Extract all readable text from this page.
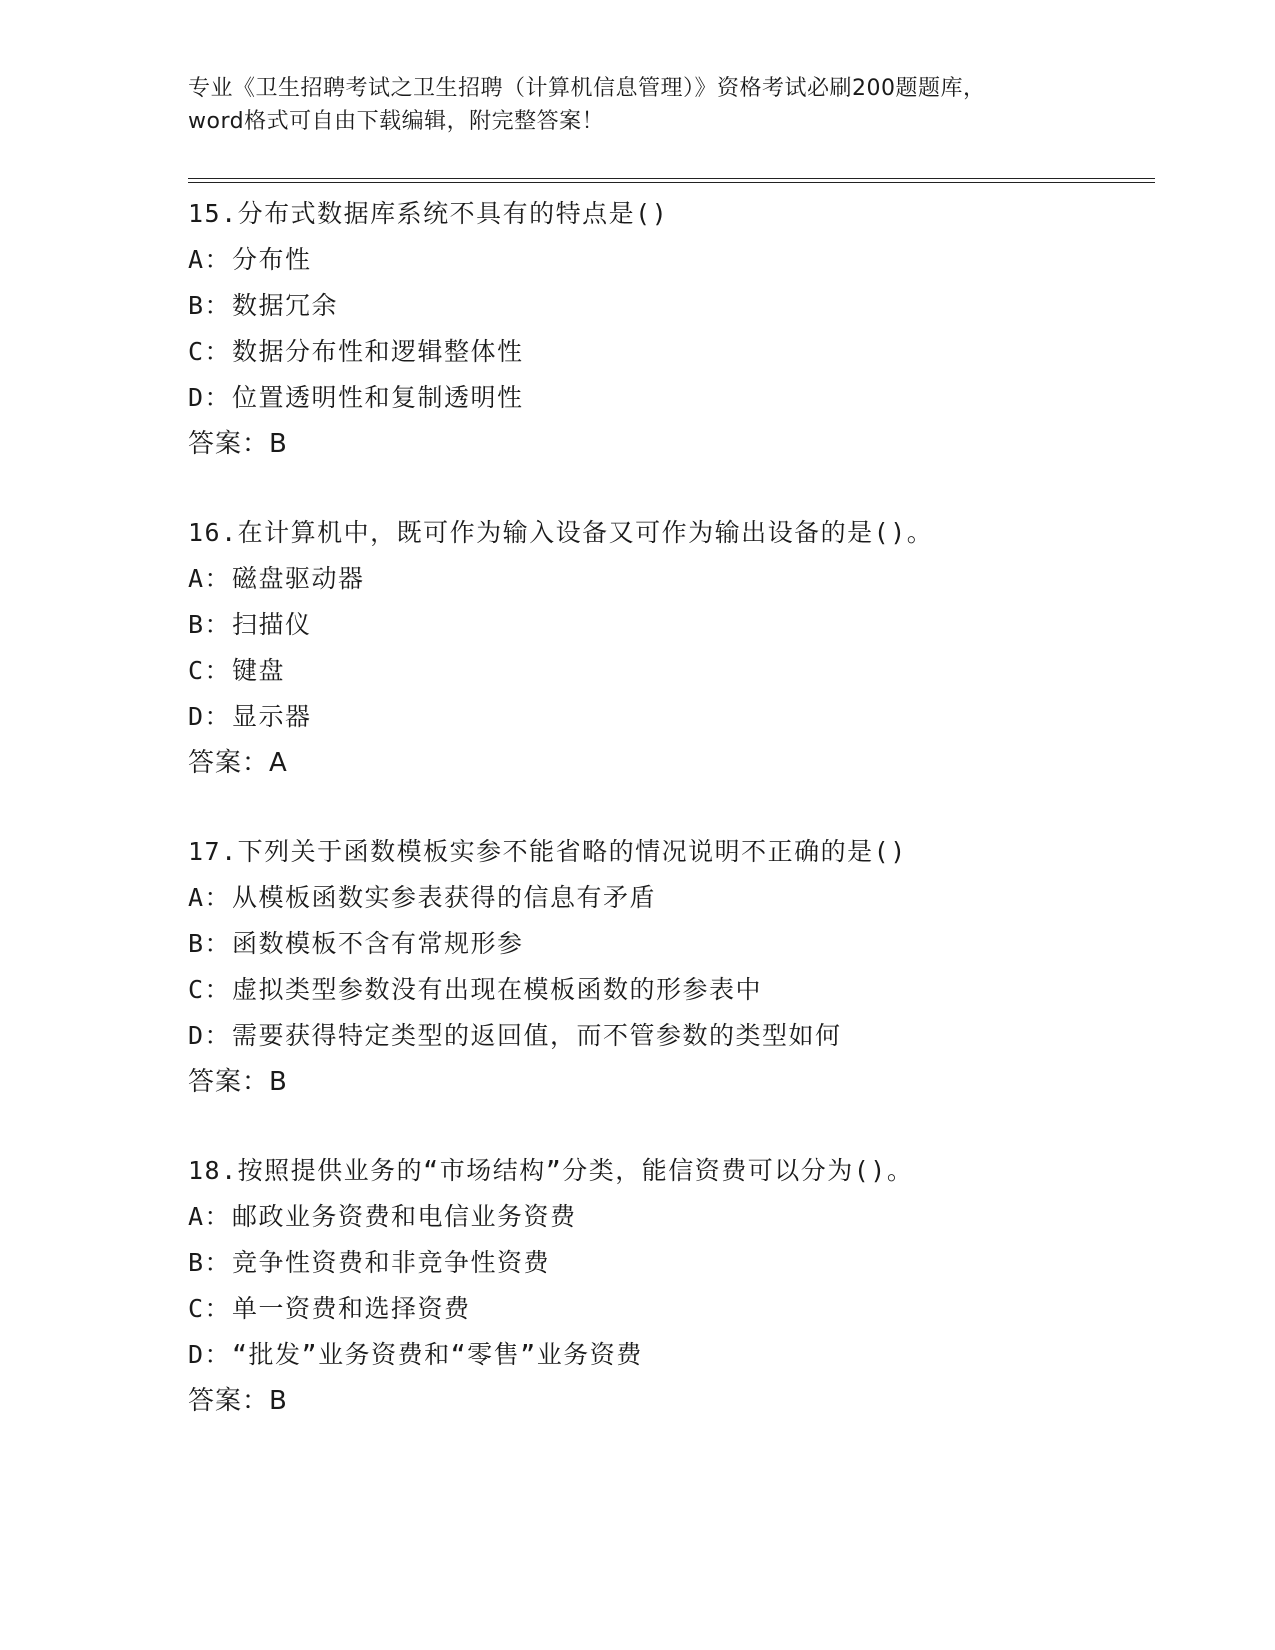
专业《卫生招聘考试之卫生招聘（计算机信息管理）》资格考试必刷200题题库，
word格式可自由下载编辑，附完整答案！
15.分布式数据库系统不具有的特点是()
A：分布性
B：数据冗余
C：数据分布性和逻辑整体性
D：位置透明性和复制透明性
答案：B
16.在计算机中，既可作为输入设备又可作为输出设备的是()。
A：磁盘驱动器
B：扫描仪
C：键盘
D：显示器
答案：A
17.下列关于函数模板实参不能省略的情况说明不正确的是()
A：从模板函数实参表获得的信息有矛盾
B：函数模板不含有常规形参
C：虚拟类型参数没有出现在模板函数的形参表中
D：需要获得特定类型的返回值，而不管参数的类型如何
答案：B
18.按照提供业务的“市场结构”分类，能信资费可以分为()。
A：邮政业务资费和电信业务资费
B：竞争性资费和非竞争性资费
C：单一资费和选择资费
D：“批发”业务资费和“零售”业务资费
答案：B
